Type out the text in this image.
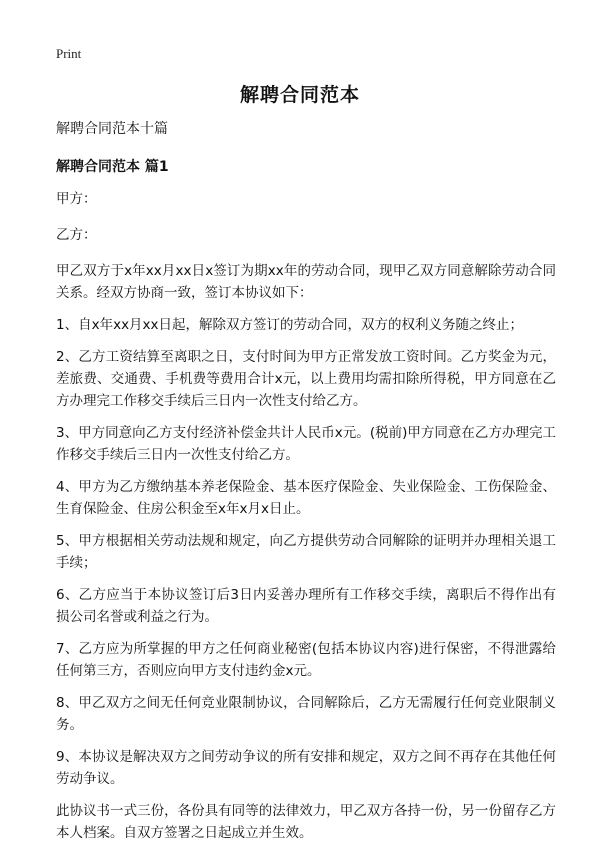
Print
解聘合同范本

解聘合同范本十篇

解聘合同范本 篇1

甲方：

乙方：

甲乙双方于x年xx月xx日x签订为期xx年的劳动合同，现甲乙双方同意解除劳动合同关系。经双方协商一致，签订本协议如下：

1、自x年xx月xx日起，解除双方签订的劳动合同，双方的权利义务随之终止；

2、乙方工资结算至离职之日，支付时间为甲方正常发放工资时间。乙方奖金为元，差旅费、交通费、手机费等费用合计x元，以上费用均需扣除所得税，甲方同意在乙方办理完工作移交手续后三日内一次性支付给乙方。

3、甲方同意向乙方支付经济补偿金共计人民币x元。(税前)甲方同意在乙方办理完工作移交手续后三日内一次性支付给乙方。

4、甲方为乙方缴纳基本养老保险金、基本医疗保险金、失业保险金、工伤保险金、生育保险金、住房公积金至x年x月x日止。

5、甲方根据相关劳动法规和规定，向乙方提供劳动合同解除的证明并办理相关退工手续；

6、乙方应当于本协议签订后3日内妥善办理所有工作移交手续，离职后不得作出有损公司名誉或利益之行为。

7、乙方应为所掌握的甲方之任何商业秘密(包括本协议内容)进行保密，不得泄露给任何第三方，否则应向甲方支付违约金x元。

8、甲乙双方之间无任何竞业限制协议，合同解除后，乙方无需履行任何竞业限制义务。

9、本协议是解决双方之间劳动争议的所有安排和规定，双方之间不再存在其他任何劳动争议。

此协议书一式三份，各份具有同等的法律效力，甲乙双方各持一份，另一份留存乙方本人档案。自双方签署之日起成立并生效。
